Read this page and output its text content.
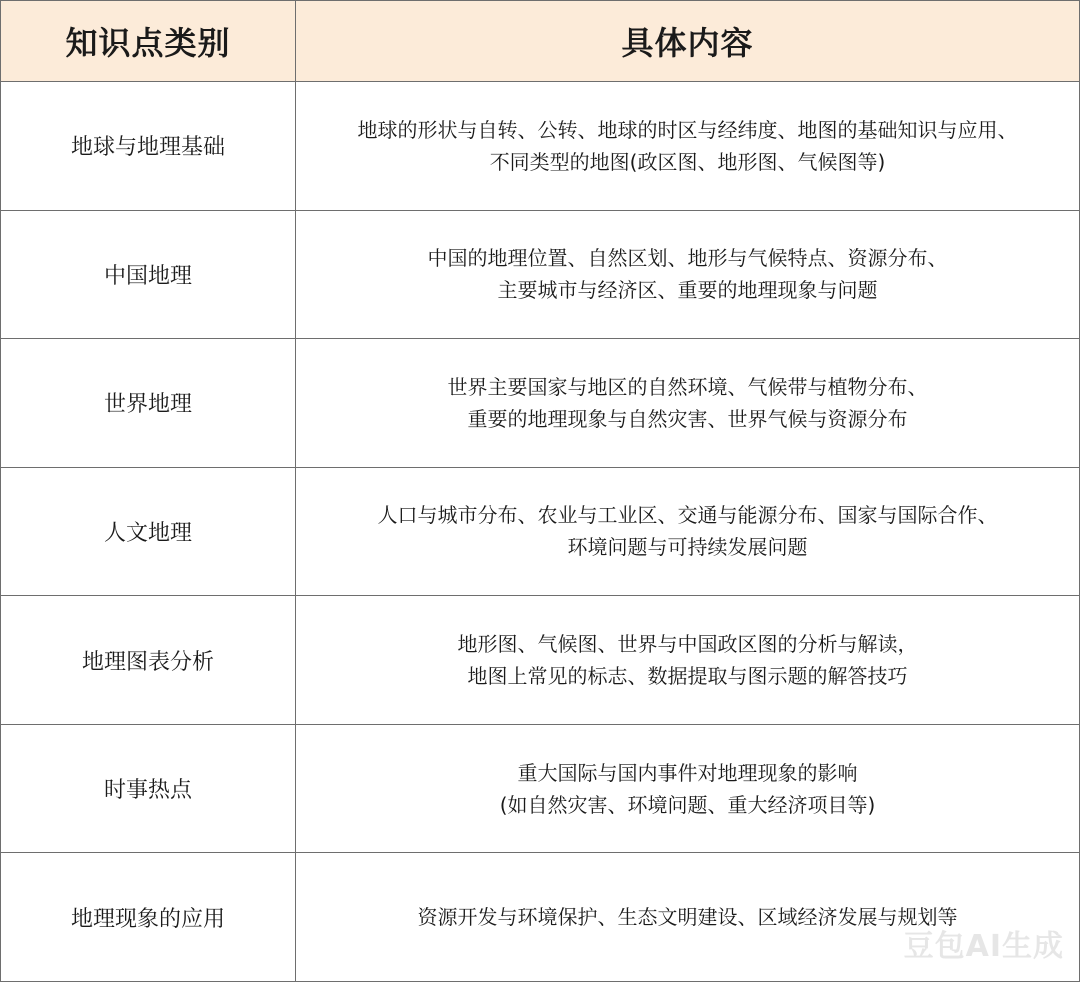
知识点类别	具体内容
地球与地理基础	地球的形状与自转、公转、地球的时区与经纬度、地图的基础知识与应用、
不同类型的地图(政区图、地形图、气候图等)

中国地理	中国的地理位置、自然区划、地形与气候特点、资源分布、
主要城市与经济区、重要的地理现象与问题

世界地理	世界主要国家与地区的自然环境、气候带与植物分布、
重要的地理现象与自然灾害、世界气候与资源分布

人文地理	人口与城市分布、农业与工业区、交通与能源分布、国家与国际合作、
环境问题与可持续发展问题

地理图表分析	地形图、气候图、世界与中国政区图的分析与解读，
地图上常见的标志、数据提取与图示题的解答技巧

时事热点	重大国际与国内事件对地理现象的影响
(如自然灾害、环境问题、重大经济项目等)

地理现象的应用	资源开发与环境保护、生态文明建设、区域经济发展与规划等
豆包AI生成
